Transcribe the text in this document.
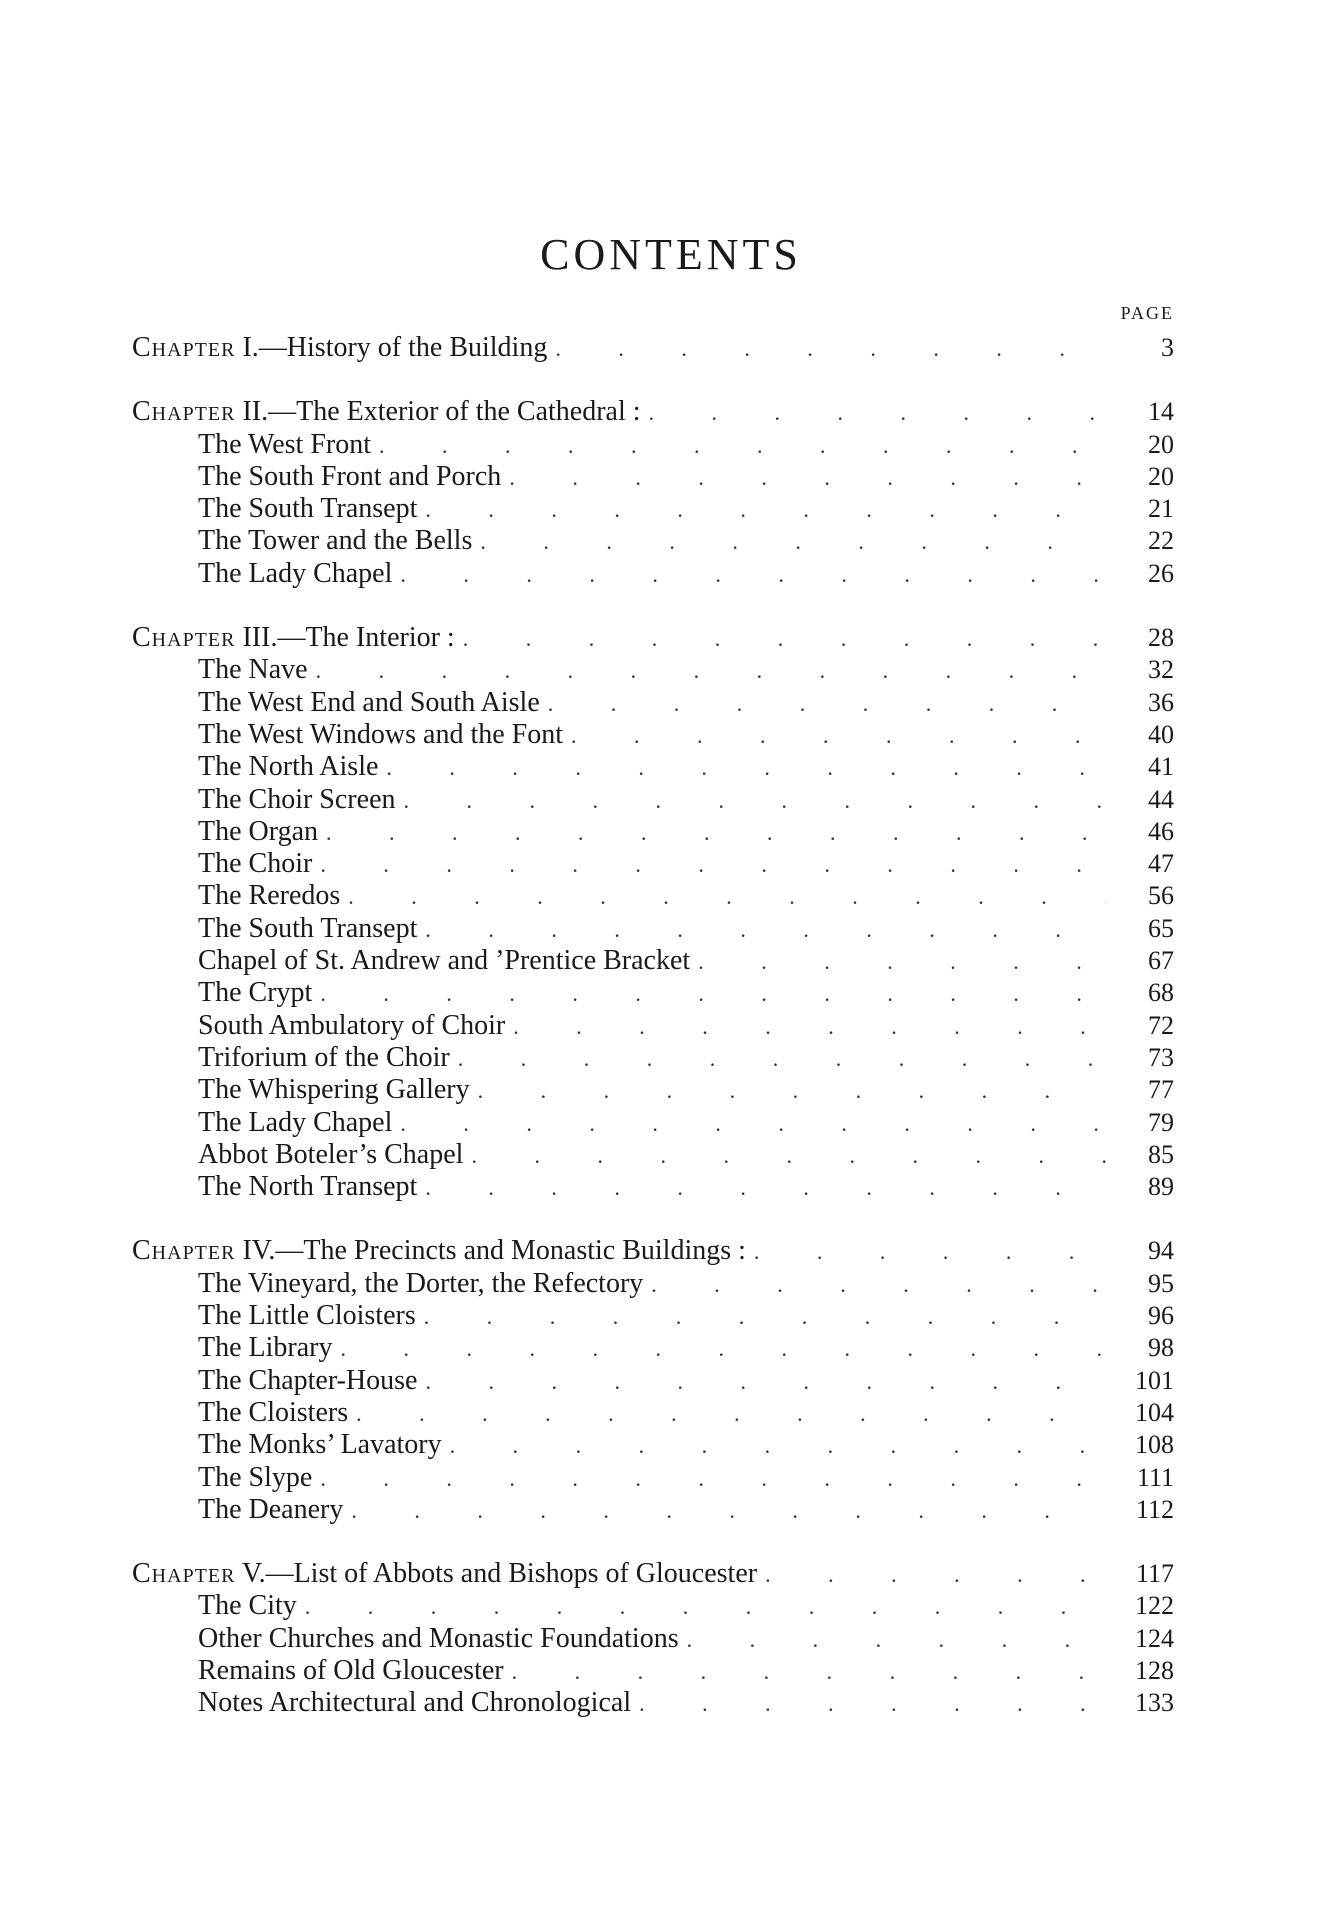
CONTENTS
PAGE
Chapter I.—History of the Building . . .	3
Chapter II.—The Exterior of the Cathedral : . . .	14
The West Front . . .	20
The South Front and Porch . . .	20
The South Transept . . .	21
The Tower and the Bells . . .	22
The Lady Chapel . . .	26
Chapter III.—The Interior : . . .	28
The Nave . . .	32
The West End and South Aisle . . .	36
The West Windows and the Font . . .	40
The North Aisle . . .	41
The Choir Screen . . .	44
The Organ . . .	46
The Choir . . .	47
The Reredos . . .	56
The South Transept . . .	65
Chapel of St. Andrew and ’Prentice Bracket . . .	67
The Crypt . . .	68
South Ambulatory of Choir . . .	72
Triforium of the Choir . . .	73
The Whispering Gallery . . .	77
The Lady Chapel . . .	79
Abbot Boteler’s Chapel . . .	85
The North Transept . . .	89
Chapter IV.—The Precincts and Monastic Buildings : . . .	94
The Vineyard, the Dorter, the Refectory . . .	95
The Little Cloisters . . .	96
The Library . . .	98
The Chapter-House . . .	101
The Cloisters . . .	104
The Monks’ Lavatory . . .	108
The Slype . . .	111
The Deanery . . .	112
Chapter V.—List of Abbots and Bishops of Gloucester . . .	117
The City . . .	122
Other Churches and Monastic Foundations . . .	124
Remains of Old Gloucester . . .	128
Notes Architectural and Chronological . . .	133
